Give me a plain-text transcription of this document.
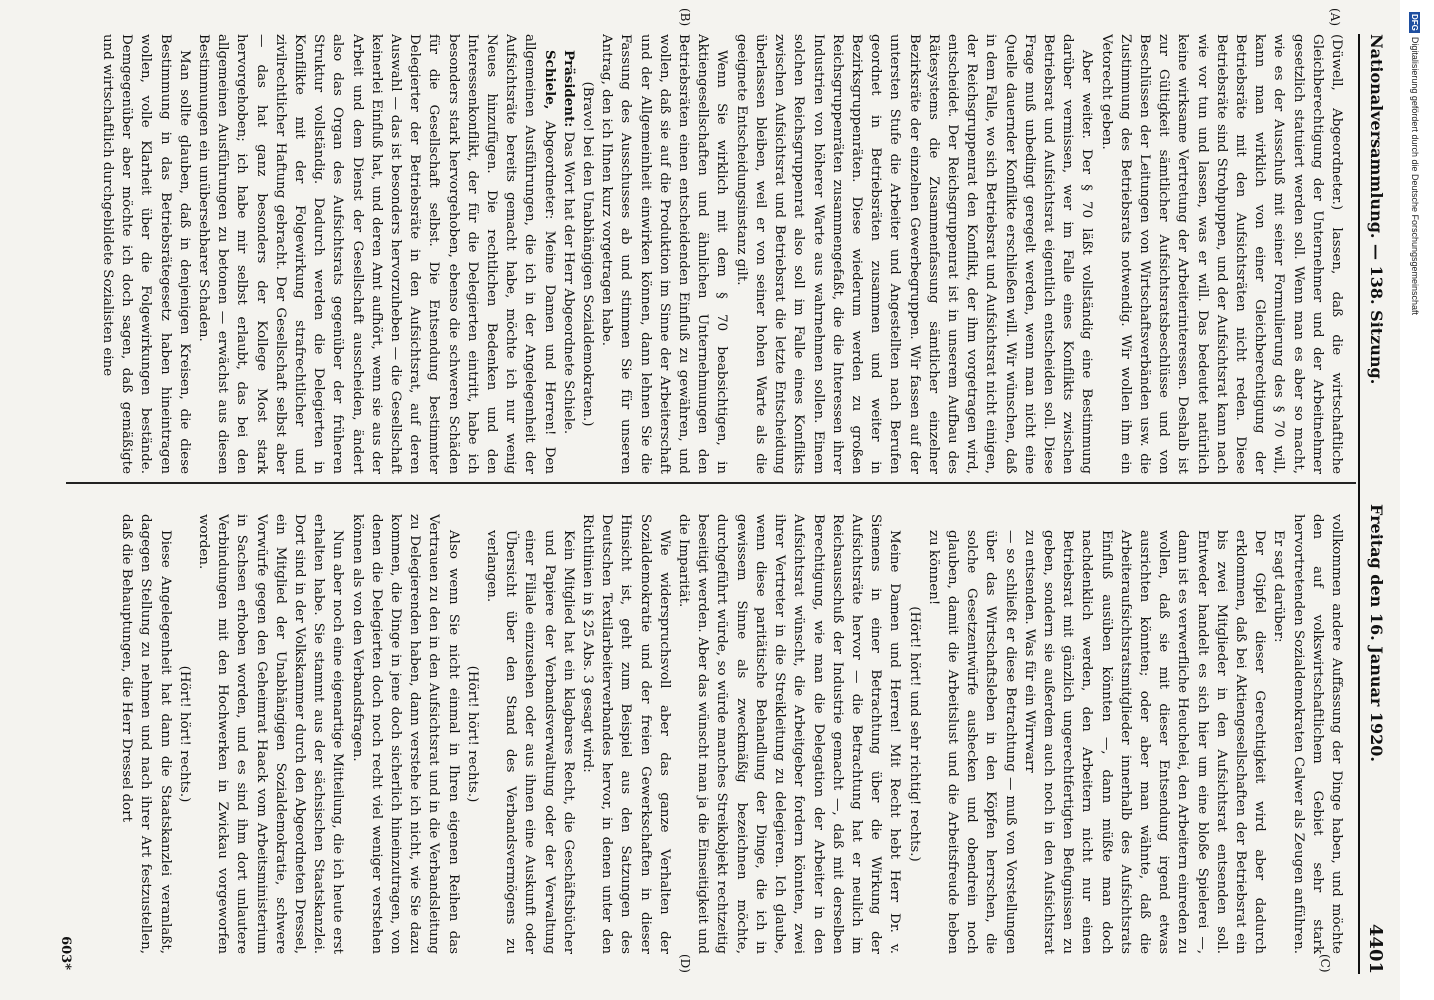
Nationalversammlung. — 138. Sitzung.
Freitag den 16. Januar 1920.
4401
(A)
(B)
(C)
(D)

(Düwell, Abgeordneter.) lassen, daß die wirtschaftliche Gleichberechtigung der Unternehmer und der Arbeitnehmer gesetzlich statuiert werden soll. Wenn man es aber so macht, wie es der Ausschuß mit seiner Formulierung des § 70 will, kann man wirklich von einer Gleichberechtigung der Betriebsräte mit den Aufsichtsräten nicht reden. Diese Betriebsräte sind Strohpuppen, und der Aufsichtsrat kann nach wie vor tun und lassen, was er will. Das bedeutet natürlich keine wirksame Vertretung der Arbeiterinteressen. Deshalb ist zur Gültigkeit sämtlicher Aufsichtsratsbeschlüsse und von Beschlüssen der Leitungen von Wirtschaftsverbänden usw. die Zustimmung des Betriebsrats notwendig. Wir wollen ihm ein Vetorecht geben.

Aber weiter. Der § 70 läßt vollständig eine Bestimmung darüber vermissen, wer im Falle eines Konflikts zwischen Betriebsrat und Aufsichtsrat eigentlich entscheiden soll. Diese Frage muß unbedingt geregelt werden, wenn man nicht eine Quelle dauernder Konflikte erschließen will. Wir wünschen, daß in dem Falle, wo sich Betriebsrat und Aufsichtsrat nicht einigen, der Reichsgruppenrat den Konflikt, der ihm vorgetragen wird, entscheidet. Der Reichsgruppenrat ist in unserem Aufbau des Rätesystems die Zusammenfassung sämtlicher einzelner Bezirksräte der einzelnen Gewerbegruppen. Wir fassen auf der untersten Stufe die Arbeiter und Angestellten nach Berufen geordnet in Betriebsräten zusammen und weiter in Bezirksgruppenräten. Diese wiederum werden zu großen Reichsgruppenräten zusammengefaßt, die die Interessen ihrer Industrien von höherer Warte aus wahrnehmen sollen. Einem solchen Reichsgruppenrat also soll im Falle eines Konflikts zwischen Aufsichtsrat und Betriebsrat die letzte Entscheidung überlassen bleiben, weil er von seiner hohen Warte als die geeignete Entscheidungsinstanz gilt.

Wenn Sie wirklich mit dem § 70 beabsichtigen, in Aktiengesellschaften und ähnlichen Unternehmungen den Betriebsräten einen entscheidenden Einfluß zu gewähren, und wollen, daß sie auf die Produktion im Sinne der Arbeiterschaft und der Allgemeinheit einwirken können, dann lehnen Sie die Fassung des Ausschusses ab und stimmen Sie für unseren Antrag, den ich Ihnen kurz vorgetragen habe.

(Bravo! bei den Unabhängigen Sozialdemokraten.)

Präsident: Das Wort hat der Herr Abgeordnete Schiele.

Schiele, Abgeordneter: Meine Damen und Herren! Den allgemeinen Ausführungen, die ich in der Angelegenheit der Aufsichtsräte bereits gemacht habe, möchte ich nur wenig Neues hinzufügen. Die rechtlichen Bedenken und den Interessenkonflikt, der für die Delegierten eintritt, habe ich besonders stark hervorgehoben, ebenso die schweren Schäden für die Gesellschaft selbst. Die Entsendung bestimmter Delegierter der Betriebsräte in den Aufsichtsrat, auf deren Auswahl — das ist besonders hervorzuheben — die Gesellschaft keinerlei Einfluß hat, und deren Amt aufhört, wenn sie aus der Arbeit und dem Dienst der Gesellschaft ausscheiden, ändert also das Organ des Aufsichtsrats gegenüber der früheren Struktur vollständig. Dadurch werden die Delegierten in Konflikte mit der Folgewirkung strafrechtlicher und zivilrechtlicher Haftung gebracht. Der Gesellschaft selbst aber — das hat ganz besonders der Kollege Most stark hervorgehoben; ich habe mir selbst erlaubt, das bei den allgemeinen Ausführungen zu betonen — erwächst aus diesen Bestimmungen ein unübersehbarer Schaden.

Man sollte glauben, daß in denjenigen Kreisen, die diese Bestimmung in das Betriebsrätegesetz haben hineintragen wollen, volle Klarheit über die Folgewirkungen bestände. Demgegenüber aber möchte ich doch sagen, daß gemäßigte und wirtschaftlich durchgebildete Sozialisten eine

vollkommen andere Auffassung der Dinge haben, und möchte den auf volkswirtschaftlichem Gebiet sehr stark hervortretenden Sozialdemokraten Calwer als Zeugen anführen.

Er sagt darüber:

Der Gipfel dieser Gerechtigkeit wird aber dadurch erklommen, daß bei Aktiengesellschaften der Betriebsrat ein bis zwei Mitglieder in den Aufsichtsrat entsenden soll. Entweder handelt es sich hier um eine bloße Spielerei —, dann ist es verwerfliche Heuchelei, den Arbeitern einreden zu wollen, daß sie mit dieser Entsendung irgend etwas ausrichten könnten; oder aber man wähnte, daß die Arbeiteraufsichtsratsmitglieder innerhalb des Aufsichtsrats Einfluß ausüben könnten —, dann müßte man doch nachdenklich werden, den Arbeitern nicht nur einen Betriebsrat mit gänzlich ungerechtfertigten Befugnissen zu geben, sondern sie außerdem auch noch in den Aufsichtsrat zu entsenden. Was für ein Wirrwarr

— so schließt er diese Betrachtung — muß von Vorstellungen über das Wirtschaftsleben in den Köpfen herrschen, die solche Gesetzentwürfe aushecken und obendrein noch glauben, damit die Arbeitslust und die Arbeitsfreude heben zu können!

(Hört! hört! und sehr richtig! rechts.)

Meine Damen und Herren! Mit Recht hebt Herr Dr. v. Siemens in einer Betrachtung über die Wirkung der Aufsichtsräte hervor — die Betrachtung hat er neulich im Reichsausschuß der Industrie gemacht —, daß mit derselben Berechtigung, wie man die Delegation der Arbeiter in den Aufsichtsrat wünscht, die Arbeitgeber fordern könnten, zwei ihrer Vertreter in die Streikleitung zu delegieren. Ich glaube, wenn diese paritätische Behandlung der Dinge, die ich in gewissem Sinne als zweckmäßig bezeichnen möchte, durchgeführt würde, so würde manches Streikobjekt rechtzeitig beseitigt werden. Aber das wünscht man ja die Einseitigkeit und die Imparität.

Wie widerspruchsvoll aber das ganze Verhalten der Sozialdemokratie und der freien Gewerkschaften in dieser Hinsicht ist, geht zum Beispiel aus den Satzungen des Deutschen Textilarbeiterverbandes hervor, in denen unter den Richtlinien in § 25 Abs. 3 gesagt wird:

Kein Mitglied hat ein klagbares Recht, die Geschäftsbücher und Papiere der Verbandsverwaltung oder der Verwaltung einer Filiale einzusehen oder aus ihnen eine Auskunft oder Übersicht über den Stand des Verbandsvermögens zu verlangen.

(Hört! hört! rechts.)

Also wenn Sie nicht einmal in Ihren eigenen Reihen das Vertrauen zu den in den Aufsichtsrat und in die Verbandsleitung zu Delegierenden haben, dann verstehe ich nicht, wie Sie dazu kommen, die Dinge in jene doch sicherlich hineinzutragen, von denen die Delegierten doch noch recht viel weniger verstehen können als von den Verbandsfragen.

Nun aber noch eine eigenartige Mitteilung, die ich heute erst erhalten habe. Sie stammt aus der sächsischen Staatskanzlei. Dort sind in der Volkskammer durch den Abgeordneten Dressel, ein Mitglied der Unabhängigen Sozialdemokratie, schwere Vorwürfe gegen den Geheimrat Haack vom Arbeitsministerium in Sachsen erhoben worden, und es sind ihm dort unlautere Verbindungen mit den Hochwerken in Zwickau vorgeworfen worden.

(Hört! hört! rechts.)

Diese Angelegenheit hat dann die Staatskanzlei veranlaßt, dagegen Stellung zu nehmen und nach ihrer Art festzustellen, daß die Behauptungen, die Herr Dressel dort

603*
DFGDigitalisierung gefördert durch die Deutsche Forschungsgemeinschaft
